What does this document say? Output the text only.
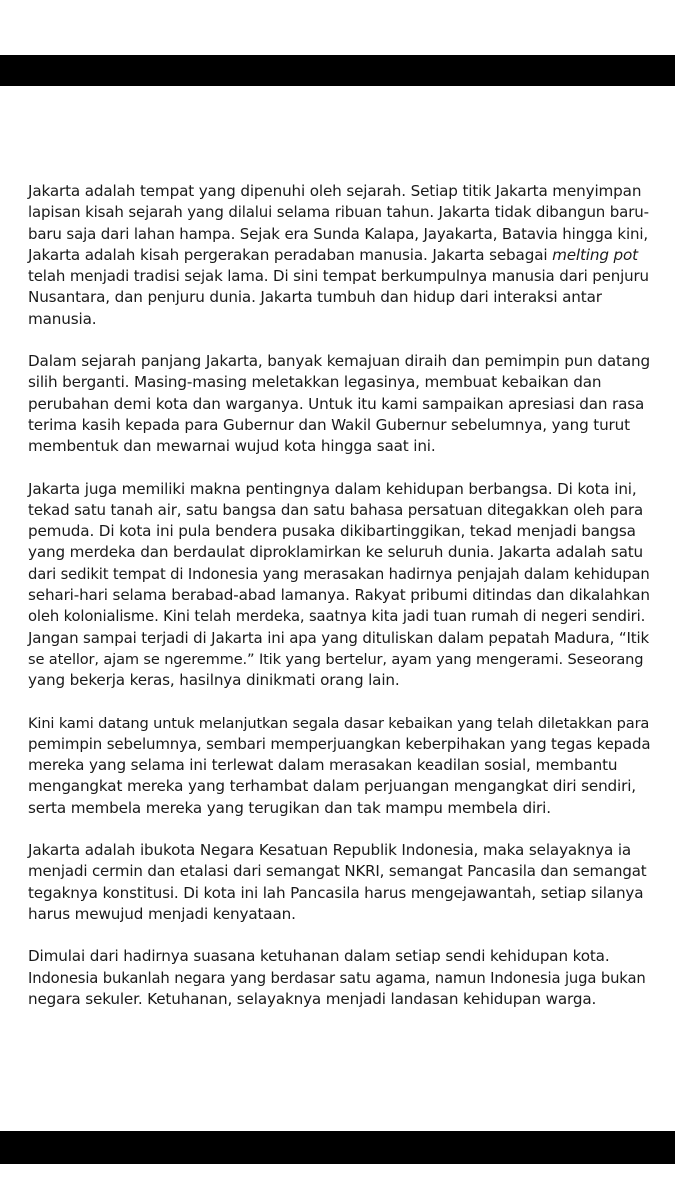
Jakarta adalah tempat yang dipenuhi oleh sejarah. Setiap titik Jakarta menyimpan
lapisan kisah sejarah yang dilalui selama ribuan tahun. Jakarta tidak dibangun baru-
baru saja dari lahan hampa. Sejak era Sunda Kalapa, Jayakarta, Batavia hingga kini,
Jakarta adalah kisah pergerakan peradaban manusia. Jakarta sebagai melting pot
telah menjadi tradisi sejak lama. Di sini tempat berkumpulnya manusia dari penjuru
Nusantara, dan penjuru dunia. Jakarta tumbuh dan hidup dari interaksi antar
manusia.
Dalam sejarah panjang Jakarta, banyak kemajuan diraih dan pemimpin pun datang
silih berganti. Masing-masing meletakkan legasinya, membuat kebaikan dan
perubahan demi kota dan warganya. Untuk itu kami sampaikan apresiasi dan rasa
terima kasih kepada para Gubernur dan Wakil Gubernur sebelumnya, yang turut
membentuk dan mewarnai wujud kota hingga saat ini.
Jakarta juga memiliki makna pentingnya dalam kehidupan berbangsa. Di kota ini,
tekad satu tanah air, satu bangsa dan satu bahasa persatuan ditegakkan oleh para
pemuda. Di kota ini pula bendera pusaka dikibartinggikan, tekad menjadi bangsa
yang merdeka dan berdaulat diproklamirkan ke seluruh dunia. Jakarta adalah satu
dari sedikit tempat di Indonesia yang merasakan hadirnya penjajah dalam kehidupan
sehari-hari selama berabad-abad lamanya. Rakyat pribumi ditindas dan dikalahkan
oleh kolonialisme. Kini telah merdeka, saatnya kita jadi tuan rumah di negeri sendiri.
Jangan sampai terjadi di Jakarta ini apa yang dituliskan dalam pepatah Madura, “Itik
se atellor, ajam se ngeremme.” Itik yang bertelur, ayam yang mengerami. Seseorang
yang bekerja keras, hasilnya dinikmati orang lain.
Kini kami datang untuk melanjutkan segala dasar kebaikan yang telah diletakkan para
pemimpin sebelumnya, sembari memperjuangkan keberpihakan yang tegas kepada
mereka yang selama ini terlewat dalam merasakan keadilan sosial, membantu
mengangkat mereka yang terhambat dalam perjuangan mengangkat diri sendiri,
serta membela mereka yang terugikan dan tak mampu membela diri.
Jakarta adalah ibukota Negara Kesatuan Republik Indonesia, maka selayaknya ia
menjadi cermin dan etalasi dari semangat NKRI, semangat Pancasila dan semangat
tegaknya konstitusi. Di kota ini lah Pancasila harus mengejawantah, setiap silanya
harus mewujud menjadi kenyataan.
Dimulai dari hadirnya suasana ketuhanan dalam setiap sendi kehidupan kota.
Indonesia bukanlah negara yang berdasar satu agama, namun Indonesia juga bukan
negara sekuler. Ketuhanan, selayaknya menjadi landasan kehidupan warga.
